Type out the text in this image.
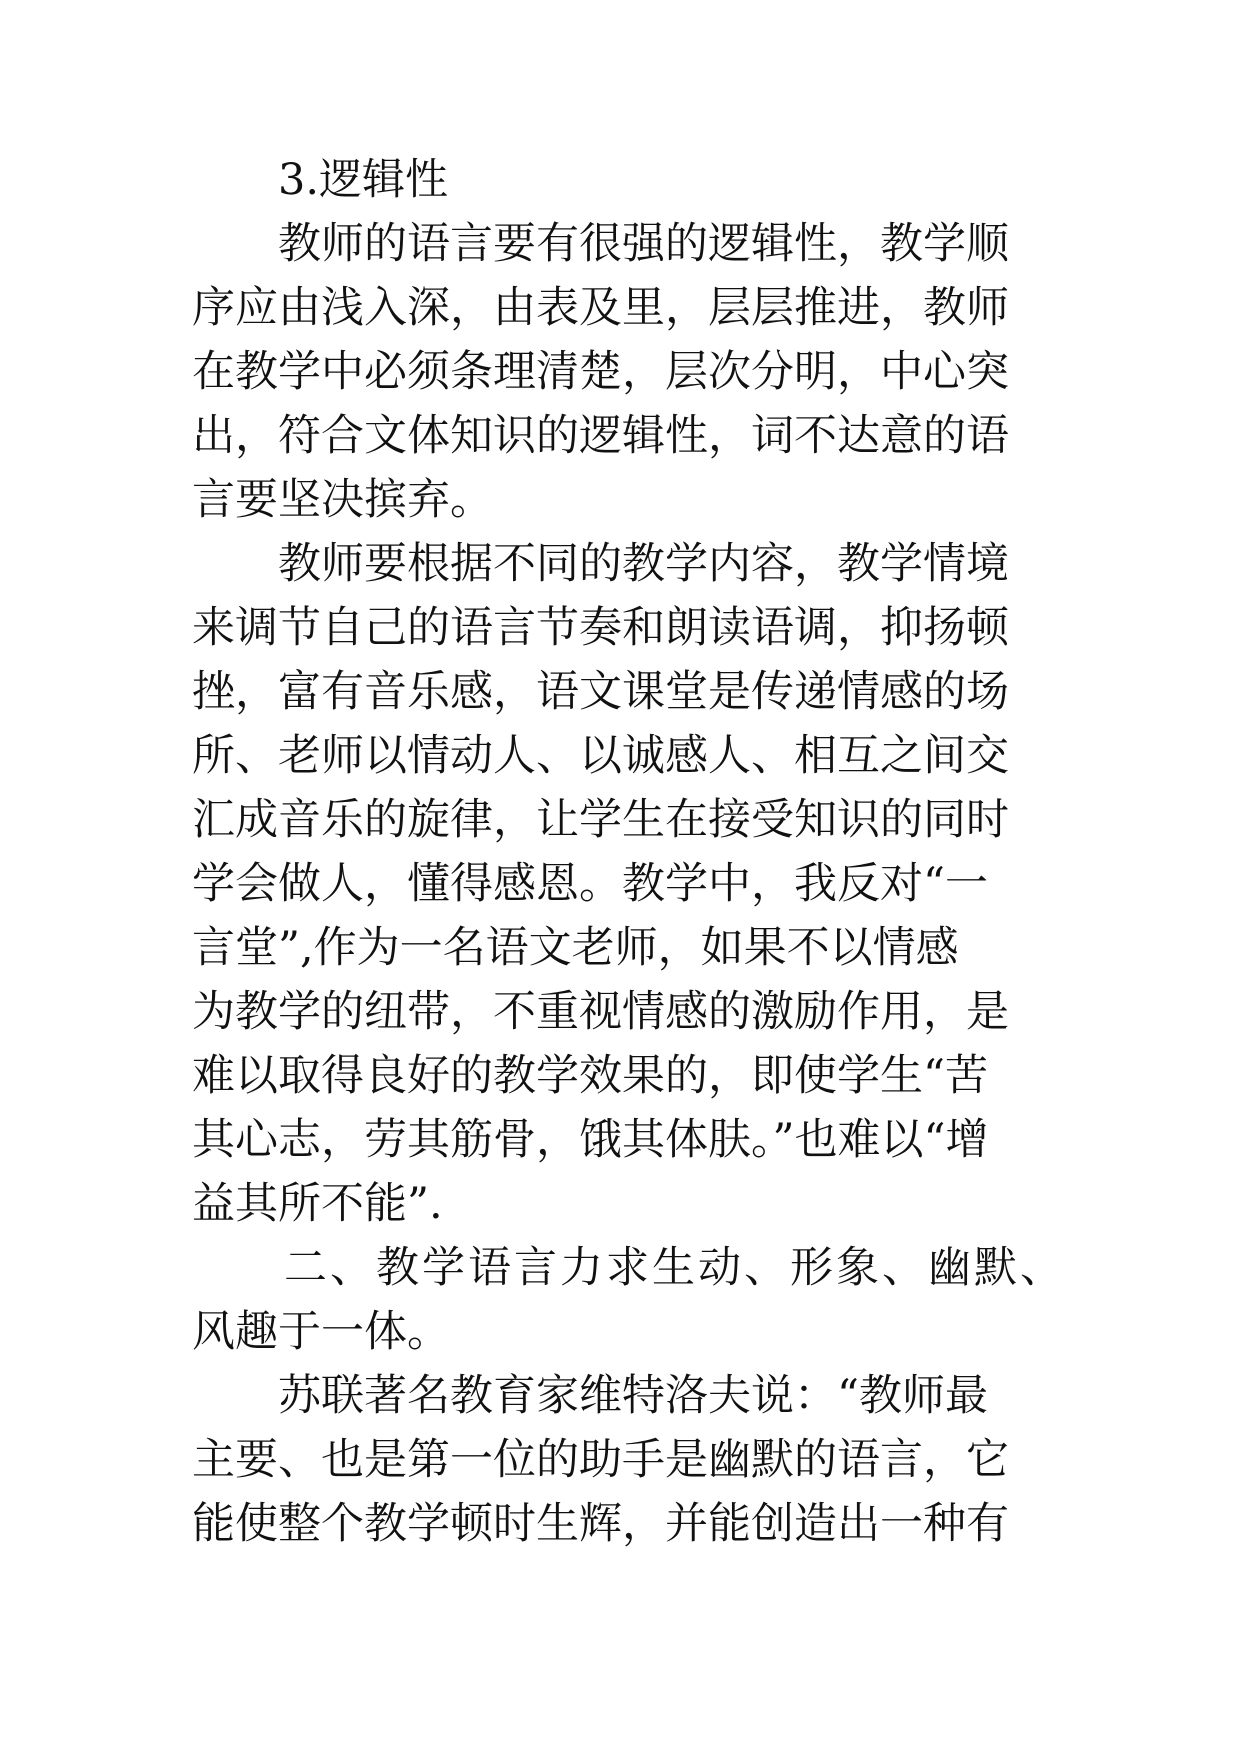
3.逻辑性
教师的语言要有很强的逻辑性，教学顺
序应由浅入深，由表及里，层层推进，教师
在教学中必须条理清楚，层次分明，中心突
出，符合文体知识的逻辑性，词不达意的语
言要坚决摈弃。
教师要根据不同的教学内容，教学情境
来调节自己的语言节奏和朗读语调，抑扬顿
挫，富有音乐感，语文课堂是传递情感的场
所、老师以情动人、以诚感人、相互之间交
汇成音乐的旋律，让学生在接受知识的同时
学会做人，懂得感恩。教学中，我反对“一
言堂”,作为一名语文老师，如果不以情感
为教学的纽带，不重视情感的激励作用，是
难以取得良好的教学效果的，即使学生“苦
其心志，劳其筋骨，饿其体肤。”也难以“增
益其所不能”.
二、教学语言力求生动、形象、幽默、
风趣于一体。
苏联著名教育家维特洛夫说：“教师最
主要、也是第一位的助手是幽默的语言，它
能使整个教学顿时生辉，并能创造出一种有
